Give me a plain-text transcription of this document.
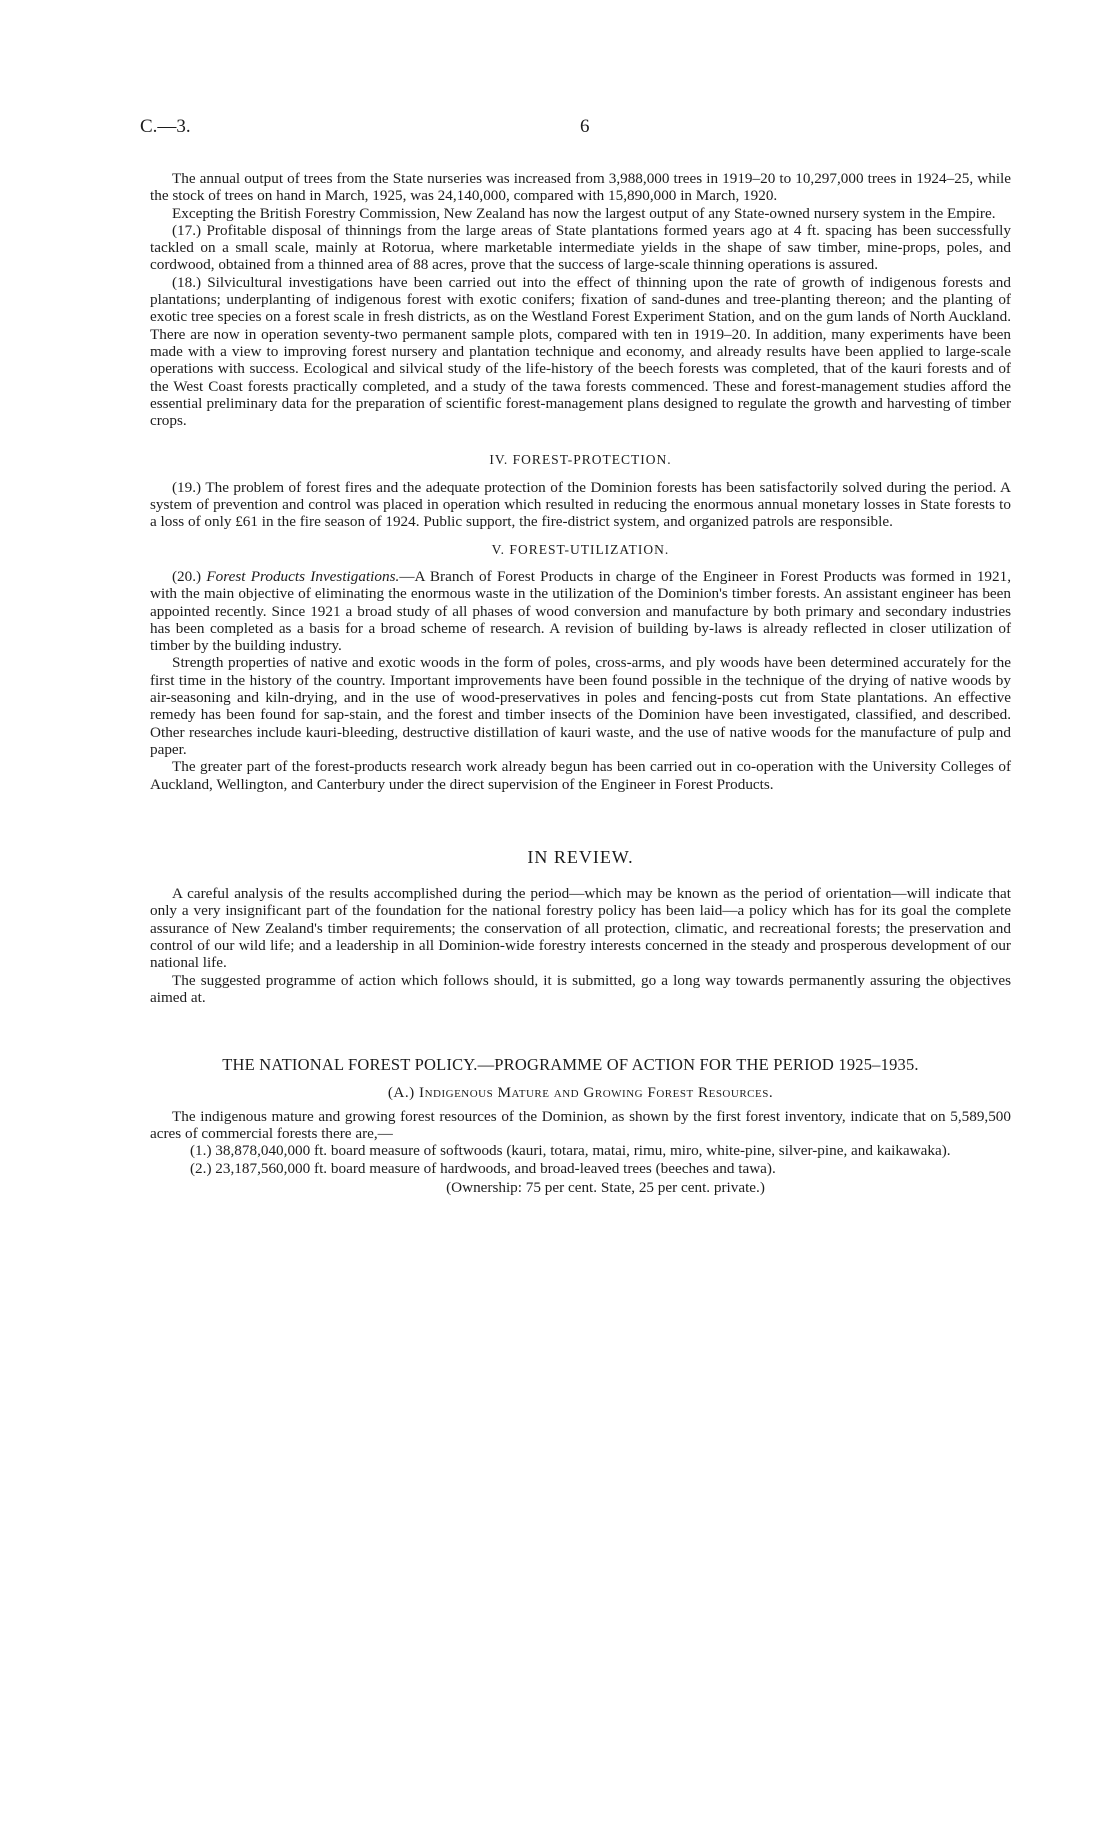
C.—3.	6

The annual output of trees from the State nurseries was increased from 3,988,000 trees in 1919–20 to 10,297,000 trees in 1924–25, while the stock of trees on hand in March, 1925, was 24,140,000, compared with 15,890,000 in March, 1920.

Excepting the British Forestry Commission, New Zealand has now the largest output of any State-owned nursery system in the Empire.

(17.) Profitable disposal of thinnings from the large areas of State plantations formed years ago at 4 ft. spacing has been successfully tackled on a small scale, mainly at Rotorua, where marketable intermediate yields in the shape of saw timber, mine-props, poles, and cordwood, obtained from a thinned area of 88 acres, prove that the success of large-scale thinning operations is assured.

(18.) Silvicultural investigations have been carried out into the effect of thinning upon the rate of growth of indigenous forests and plantations; underplanting of indigenous forest with exotic conifers; fixation of sand-dunes and tree-planting thereon; and the planting of exotic tree species on a forest scale in fresh districts, as on the Westland Forest Experiment Station, and on the gum lands of North Auckland. There are now in operation seventy-two permanent sample plots, compared with ten in 1919–20. In addition, many experiments have been made with a view to improving forest nursery and plantation technique and economy, and already results have been applied to large-scale operations with success. Ecological and silvical study of the life-history of the beech forests was completed, that of the kauri forests and of the West Coast forests practically completed, and a study of the tawa forests commenced. These and forest-management studies afford the essential preliminary data for the preparation of scientific forest-management plans designed to regulate the growth and harvesting of timber crops.

IV. FOREST-PROTECTION.

(19.) The problem of forest fires and the adequate protection of the Dominion forests has been satisfactorily solved during the period. A system of prevention and control was placed in operation which resulted in reducing the enormous annual monetary losses in State forests to a loss of only £61 in the fire season of 1924. Public support, the fire-district system, and organized patrols are responsible.

V. FOREST-UTILIZATION.

(20.) Forest Products Investigations.—A Branch of Forest Products in charge of the Engineer in Forest Products was formed in 1921, with the main objective of eliminating the enormous waste in the utilization of the Dominion's timber forests. An assistant engineer has been appointed recently. Since 1921 a broad study of all phases of wood conversion and manufacture by both primary and secondary industries has been completed as a basis for a broad scheme of research. A revision of building by-laws is already reflected in closer utilization of timber by the building industry.

Strength properties of native and exotic woods in the form of poles, cross-arms, and ply woods have been determined accurately for the first time in the history of the country. Important improvements have been found possible in the technique of the drying of native woods by air-seasoning and kiln-drying, and in the use of wood-preservatives in poles and fencing-posts cut from State plantations. An effective remedy has been found for sap-stain, and the forest and timber insects of the Dominion have been investigated, classified, and described. Other researches include kauri-bleeding, destructive distillation of kauri waste, and the use of native woods for the manufacture of pulp and paper.

The greater part of the forest-products research work already begun has been carried out in co-operation with the University Colleges of Auckland, Wellington, and Canterbury under the direct supervision of the Engineer in Forest Products.

IN REVIEW.

A careful analysis of the results accomplished during the period—which may be known as the period of orientation—will indicate that only a very insignificant part of the foundation for the national forestry policy has been laid—a policy which has for its goal the complete assurance of New Zealand's timber requirements; the conservation of all protection, climatic, and recreational forests; the preservation and control of our wild life; and a leadership in all Dominion-wide forestry interests concerned in the steady and prosperous development of our national life.

The suggested programme of action which follows should, it is submitted, go a long way towards permanently assuring the objectives aimed at.

THE NATIONAL FOREST POLICY.—PROGRAMME OF ACTION FOR THE PERIOD 1925–1935.
(A.) Indigenous Mature and Growing Forest Resources.

The indigenous mature and growing forest resources of the Dominion, as shown by the first forest inventory, indicate that on 5,589,500 acres of commercial forests there are,—

(1.) 38,878,040,000 ft. board measure of softwoods (kauri, totara, matai, rimu, miro, white-pine, silver-pine, and kaikawaka).
(2.) 23,187,560,000 ft. board measure of hardwoods, and broad-leaved trees (beeches and tawa).
(Ownership: 75 per cent. State, 25 per cent. private.)
